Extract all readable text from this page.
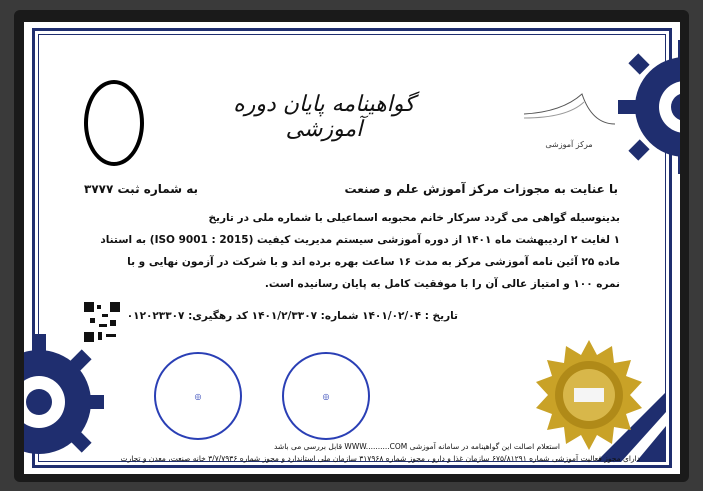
گواهینامه پایان دوره آموزشی
مرکز آموزشی
با عنایت به مجوزات مرکز آموزش علم و صنعت
به شماره ثبت ۳۷۷۷
بدینوسیله گواهی می گردد سرکار خانم محبوبه اسماعیلی با شماره ملی در تاریخ
۱ لغایت ۲ اردیبهشت ماه ۱۴۰۱ از دوره آموزشی سیستم مدیریت کیفیت (ISO 9001 : 2015) به استناد
ماده ۲۵ آئین نامه آموزشی مرکز به مدت ۱۶ ساعت بهره برده اند و با شرکت در آزمون نهایی و با
نمره ۱۰۰ و امتیاز عالی آن را با موفقیت کامل به پایان رسانیده است.
تاریخ : ۱۴۰۱/۰۲/۰۴ شماره: ۱۴۰۱/۲/۳۳۰۷ کد رهگیری: ۰۱۲۰۲۳۳۰۷
◎	◎
استعلام اصالت این گواهینامه در سامانه آموزشی WWW..........COM قابل بررسی می باشد
دارای مجوز فعالیت آموزشی شماره ۶۷۵/۸۱۲۹۱ سازمان غذا و دارو ، مجوز شماره ۳۱۷۹۶۸ سازمان ملی استاندارد و مجوز شماره ۳/۷/۷۹۳۶ خانه صنعت، معدن و تجارت
